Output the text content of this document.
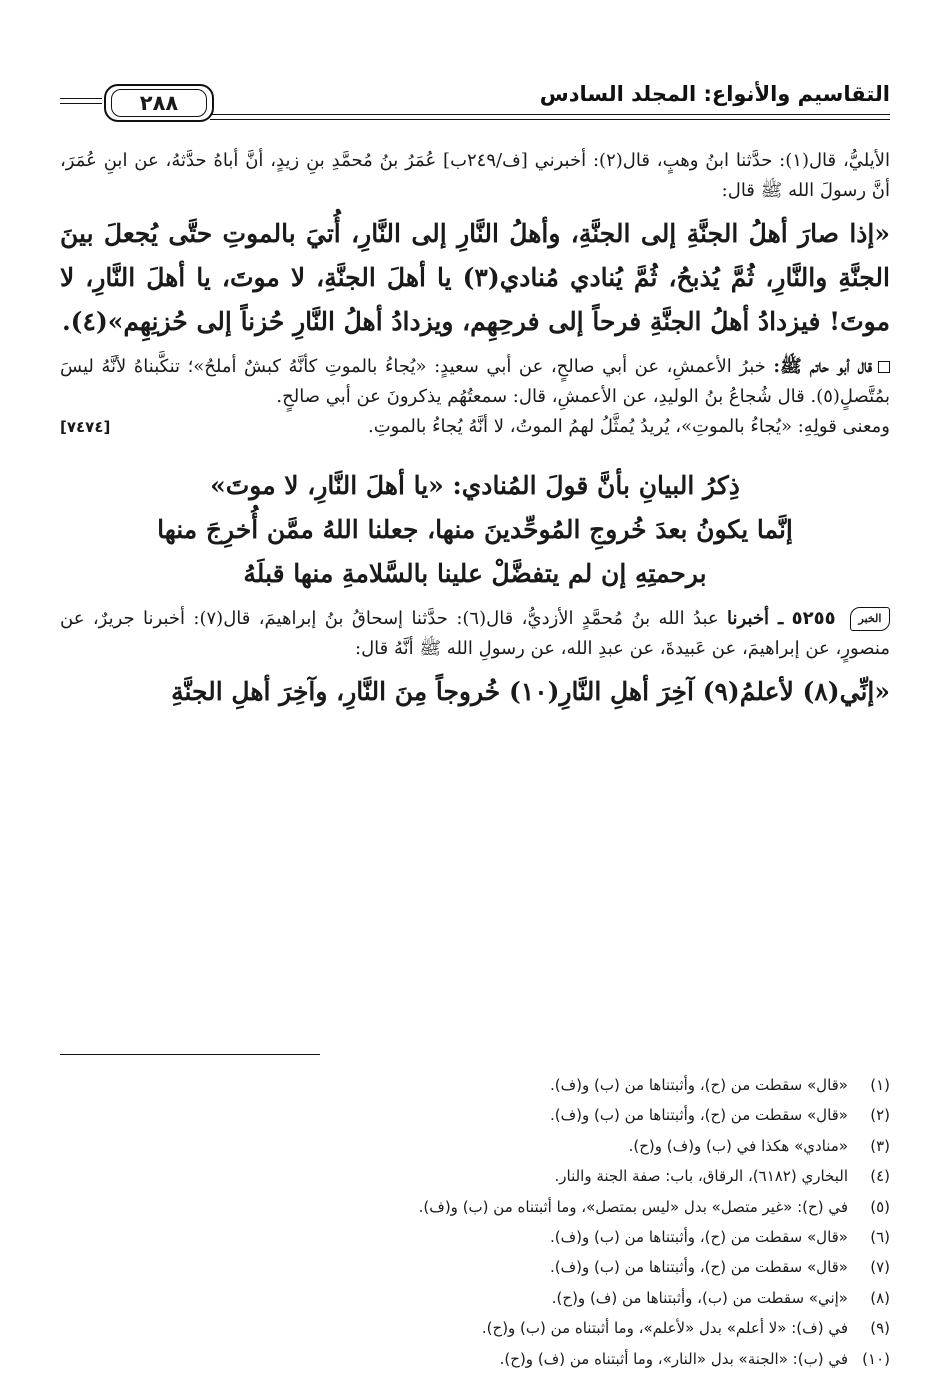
التقاسيم والأنواع: المجلد السادس
٢٨٨

الأيليُّ، قال(١): حدَّثنا ابنُ وهبٍ، قال(٢): أخبرني [ف/٢٤٩ب] عُمَرُ بنُ مُحمَّدِ بنِ زيدٍ، أنَّ أباهُ حدَّثهُ، عن ابنِ عُمَرَ، أنَّ رسولَ الله ﷺ قال:

«إذا صارَ أهلُ الجنَّةِ إلى الجنَّةِ، وأهلُ النَّارِ إلى النَّارِ، أُتيَ بالموتِ حتَّى يُجعلَ بينَ الجنَّةِ والنَّارِ، ثُمَّ يُذبحُ، ثُمَّ يُنادي مُنادي(٣) يا أهلَ الجنَّةِ، لا موتَ، يا أهلَ النَّارِ، لا موتَ! فيزدادُ أهلُ الجنَّةِ فرحاً إلى فرحِهِم، ويزدادُ أهلُ النَّارِ حُزناً إلى حُزنِهِم»(٤).

قال أبو حاتم ﷺ: خبرُ الأعمشِ، عن أبي صالحٍ، عن أبي سعيدٍ: «يُجاءُ بالموتِ كأنَّهُ كبشٌ أملحُ»؛ تنكَّبناهُ لأنَّهُ ليسَ بمُتَّصلٍ(٥). قال شُجاعُ بنُ الوليدِ، عن الأعمشِ، قال: سمعتُهُم يذكرونَ عن أبي صالحٍ.

[٧٤٧٤]	ومعنى قولِهِ: «يُجاءُ بالموتِ»، يُريدُ يُمثَّلُ لهمُ الموتُ، لا أنَّهُ يُجاءُ بالموتِ.

ذِكرُ البيانِ بأنَّ قولَ المُنادي: «يا أهلَ النَّارِ، لا موتَ»
إنَّما يكونُ بعدَ خُروجِ المُوحِّدينَ منها، جعلنا اللهُ ممَّن أُخرِجَ منها
برحمتِهِ إن لم يتفضَّلْ علينا بالسَّلامةِ منها قبلَهُ

الخبر ٥٢٥٥ ـ أخبرنا عبدُ الله بنُ مُحمَّدٍ الأزديُّ، قال(٦): حدَّثنا إسحاقُ بنُ إبراهيمَ، قال(٧): أخبرنا جريرٌ، عن منصورٍ، عن إبراهيمَ، عن عَبيدةَ، عن عبدِ الله، عن رسولِ الله ﷺ أنَّهُ قال:

«إنِّي(٨) لأعلمُ(٩) آخِرَ أهلِ النَّارِ(١٠) خُروجاً مِنَ النَّارِ، وآخِرَ أهلِ الجنَّةِ

(١)«قال» سقطت من (ح)، وأثبتناها من (ب) و(ف).
(٢)«قال» سقطت من (ح)، وأثبتناها من (ب) و(ف).
(٣)«منادي» هكذا في (ب) و(ف) و(ح).
(٤)البخاري (٦١٨٢)، الرقاق، باب: صفة الجنة والنار.
(٥)في (ح): «غير متصل» بدل «ليس بمتصل»، وما أثبتناه من (ب) و(ف).
(٦)«قال» سقطت من (ح)، وأثبتناها من (ب) و(ف).
(٧)«قال» سقطت من (ح)، وأثبتناها من (ب) و(ف).
(٨)«إني» سقطت من (ب)، وأثبتناها من (ف) و(ح).
(٩)في (ف): «لا أعلم» بدل «لأعلم»، وما أثبتناه من (ب) و(ح).
(١٠)في (ب): «الجنة» بدل «النار»، وما أثبتناه من (ف) و(ح).
